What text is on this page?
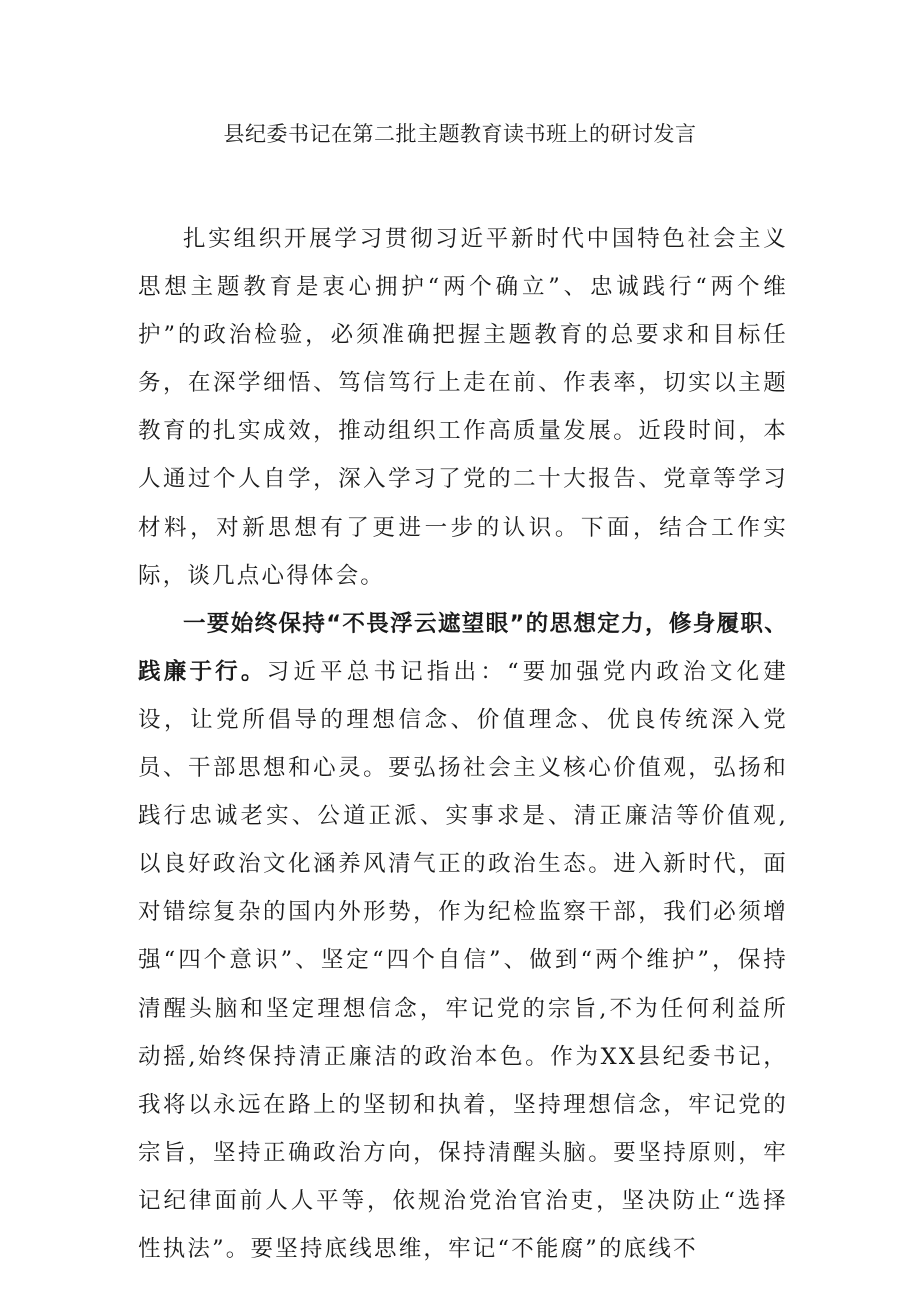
县纪委书记在第二批主题教育读书班上的研讨发言

扎实组织开展学习贯彻习近平新时代中国特色社会主义思想主题教育是衷心拥护“两个确立”、忠诚践行“两个维护”的政治检验，必须准确把握主题教育的总要求和目标任务，在深学细悟、笃信笃行上走在前、作表率，切实以主题教育的扎实成效，推动组织工作高质量发展。近段时间，本人通过个人自学，深入学习了党的二十大报告、党章等学习材料，对新思想有了更进一步的认识。下面，结合工作实际，谈几点心得体会。

一要始终保持“不畏浮云遮望眼”的思想定力，修身履职、践廉于行。习近平总书记指出：“要加强党内政治文化建设，让党所倡导的理想信念、价值理念、优良传统深入党员、干部思想和心灵。要弘扬社会主义核心价值观，弘扬和践行忠诚老实、公道正派、实事求是、清正廉洁等价值观,以良好政治文化涵养风清气正的政治生态。进入新时代，面对错综复杂的国内外形势，作为纪检监察干部，我们必须增强“四个意识”、坚定“四个自信”、做到“两个维护”，保持清醒头脑和坚定理想信念，牢记党的宗旨,不为任何利益所动摇,始终保持清正廉洁的政治本色。作为XX县纪委书记，我将以永远在路上的坚韧和执着，坚持理想信念，牢记党的宗旨，坚持正确政治方向，保持清醒头脑。要坚持原则，牢记纪律面前人人平等，依规治党治官治吏，坚决防止“选择性执法”。要坚持底线思维，牢记“不能腐”的底线不
